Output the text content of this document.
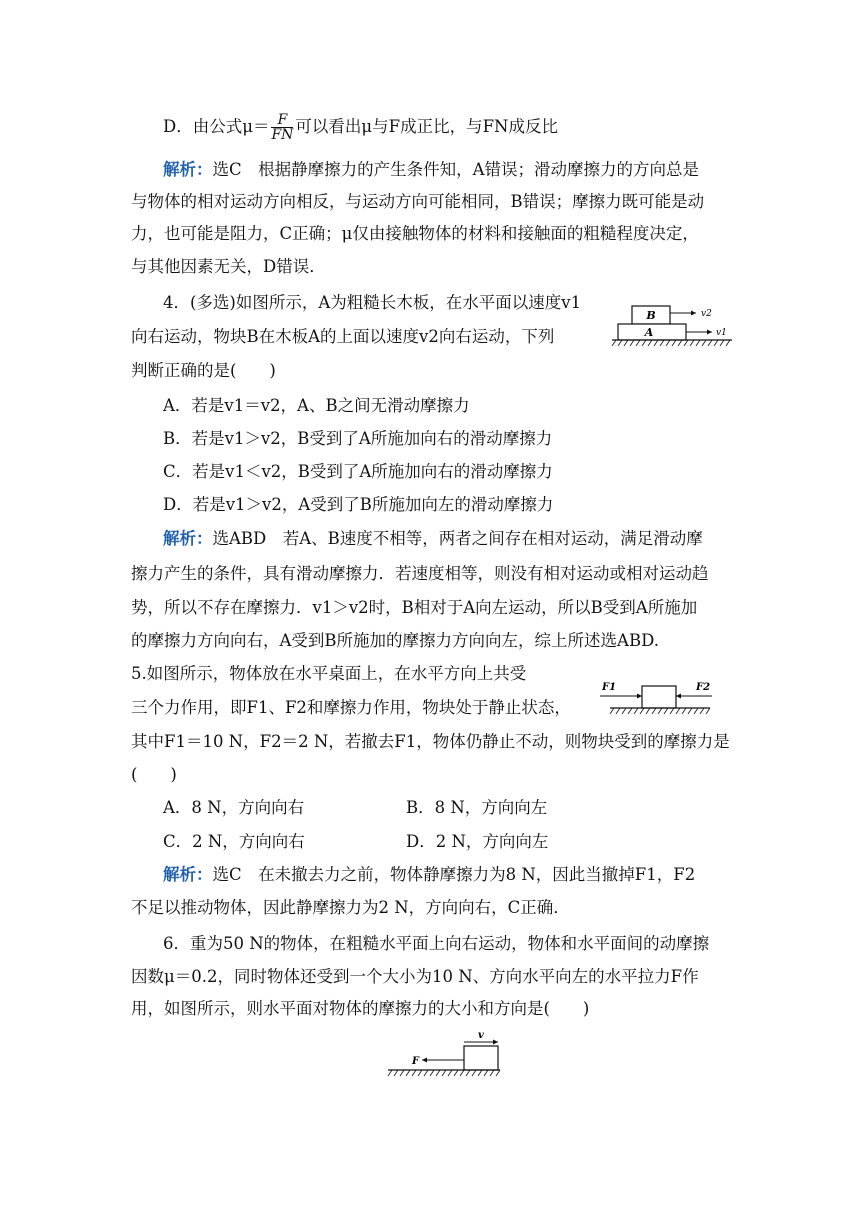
D．由公式$\mu= \frac{F}{FN}$ 可以看出μ与F成正比，与FN成反比
解析：选C　根据静摩擦力的产生条件知，A错误；滑动摩擦力的方向总是
与物体的相对运动方向相反，与运动方向可能相同，B错误；摩擦力既可能是动
力，也可能是阻力，C正确；μ仅由接触物体的材料和接触面的粗糙程度决定，
与其他因素无关，D错误．
4．(多选)如图所示，A为粗糙长木板，在水平面以速度v1
向右运动，物块B在木板A的上面以速度v2向右运动，下列
判断正确的是(　　)
B	v2
A	v1
A．若是v1＝v2，A、B之间无滑动摩擦力
B．若是v1＞v2，B受到了A所施加向右的滑动摩擦力
C．若是v1＜v2，B受到了A所施加向右的滑动摩擦力
D．若是v1＞v2，A受到了B所施加向左的滑动摩擦力
解析：选ABD　若A、B速度不相等，两者之间存在相对运动，满足滑动摩
擦力产生的条件，具有滑动摩擦力．若速度相等，则没有相对运动或相对运动趋
势，所以不存在摩擦力．v1＞v2时，B相对于A向左运动，所以B受到A所施加
的摩擦力方向向右，A受到B所施加的摩擦力方向向左，综上所述选ABD.
5.如图所示，物体放在水平桌面上，在水平方向上共受
三个力作用，即F1、F2和摩擦力作用，物块处于静止状态，
F1	F2
其中F1＝10 N，F2＝2 N，若撤去F1，物体仍静止不动，则物块受到的摩擦力是
(　　)
A．8 N，方向向右	B．8 N，方向向左
C．2 N，方向向右	D．2 N，方向向左
解析：选C　在未撤去力之前，物体静摩擦力为8 N，因此当撤掉F1，F2
不足以推动物体，因此静摩擦力为2 N，方向向右，C正确．
6．重为50 N的物体，在粗糙水平面上向右运动，物体和水平面间的动摩擦
因数μ＝0.2，同时物体还受到一个大小为10 N、方向水平向左的水平拉力F作
用，如图所示，则水平面对物体的摩擦力的大小和方向是(　　)
v
F
